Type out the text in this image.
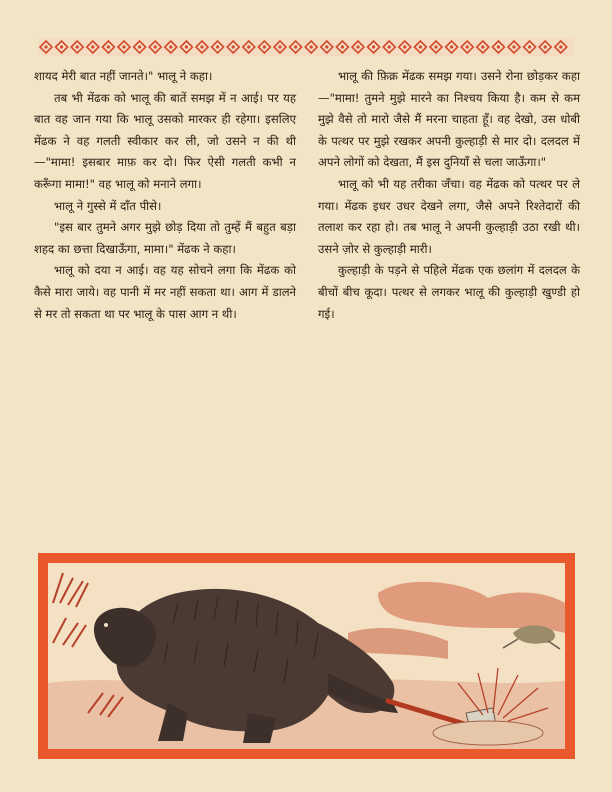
शायद मेरी बात नहीं जानते।" भालू ने कहा।

तब भी मेंढक को भालू की बातें समझ में न आई। पर यह बात वह जान गया कि भालू उसको मारकर ही रहेगा। इसलिए मेंढक ने वह गलती स्वीकार कर ली, जो उसने न की थी—"मामा! इसबार माफ़ कर दो। फिर ऐसी गलती कभी न करूँगा मामा!" वह भालू को मनाने लगा।

भालू ने गुस्से में दाँत पीसे।

"इस बार तुमने अगर मुझे छोड़ दिया तो तुम्हें मैं बहुत बड़ा शहद का छत्ता दिखाऊँगा, मामा।" मेंढक ने कहा।

भालू को दया न आई। वह यह सोचने लगा कि मेंढक को कैसे मारा जाये। वह पानी में मर नहीं सकता था। आग में डालने से मर तो सकता था पर भालू के पास आग न थी।

भालू की फ़िक्र मेंढक समझ गया। उसने रोना छोड़कर कहा—"मामा! तुमने मुझे मारने का निश्चय किया है। कम से कम मुझे वैसे तो मारो जैसे मैं मरना चाहता हूँ। वह देखो, उस धोबी के पत्थर पर मुझे रखकर अपनी कुल्हाड़ी से मार दो। दलदल में अपने लोगों को देखता, मैं इस दुनियाँ से चला जाऊँगा।"

भालू को भी यह तरीका जँचा। वह मेंढक को पत्थर पर ले गया। मेंढक इधर उधर देखने लगा, जैसे अपने रिश्तेदारों की तलाश कर रहा हो। तब भालू ने अपनी कुल्हाड़ी उठा रखी थी। उसने ज़ोर से कुल्हाड़ी मारी।

कुल्हाड़ी के पड़ने से पहिले मेंढक एक छलांग में दलदल के बीचों बीच कूदा। पत्थर से लगकर भालू की कुल्हाड़ी खुण्डी हो गई।
